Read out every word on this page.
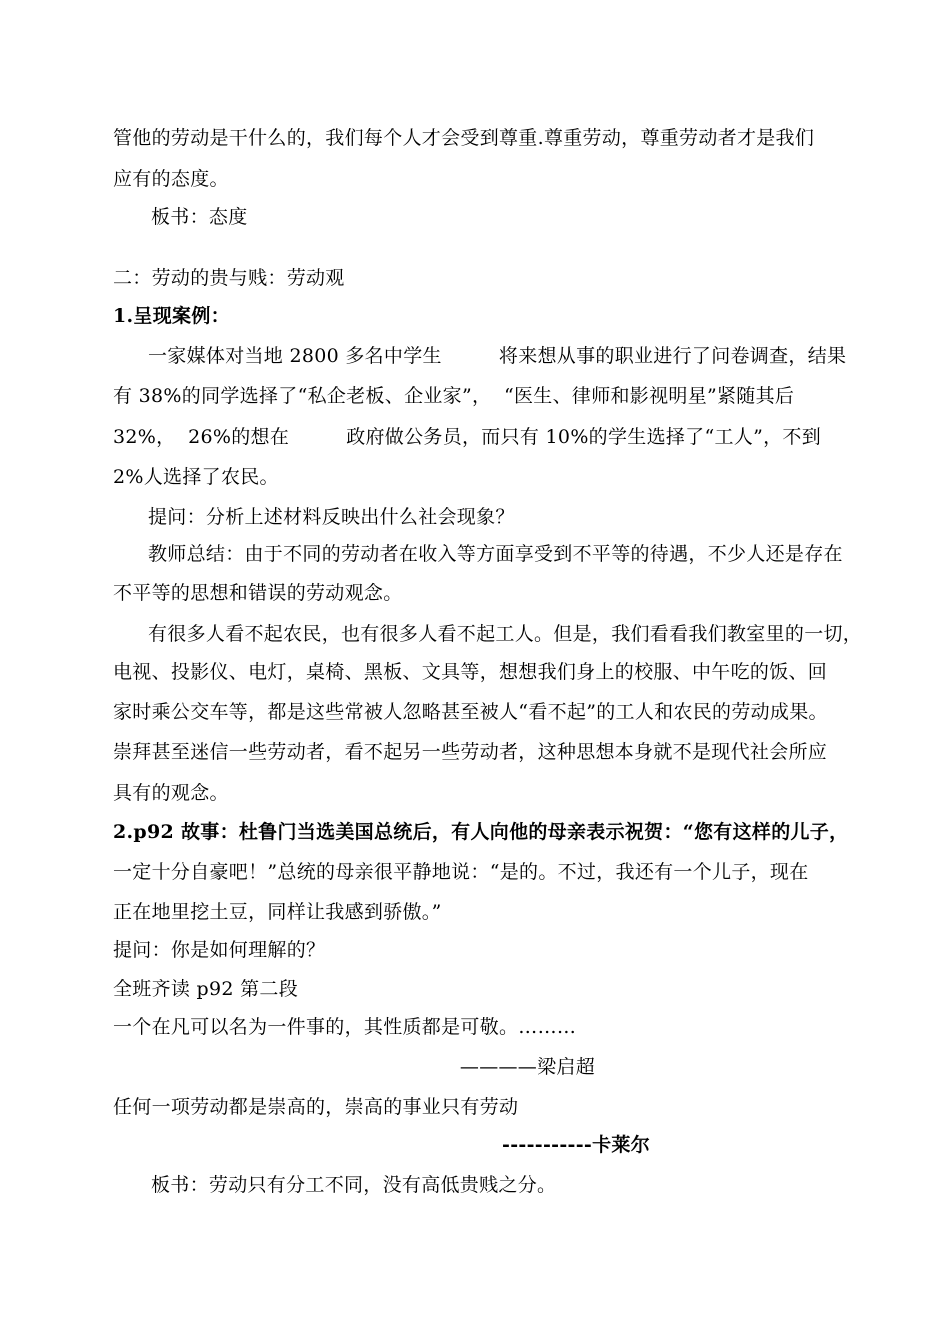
管他的劳动是干什么的，我们每个人才会受到尊重.尊重劳动，尊重劳动者才是我们
应有的态度。
板书：态度
二：劳动的贵与贱：劳动观
1.呈现案例：
一家媒体对当地 2800 多名中学生         将来想从事的职业进行了问卷调查，结果
有 38%的同学选择了“私企老板、企业家”，  “医生、律师和影视明星”紧随其后
32%，  26%的想在         政府做公务员，而只有 10%的学生选择了“工人”，不到
2%人选择了农民。
提问：分析上述材料反映出什么社会现象？
教师总结：由于不同的劳动者在收入等方面享受到不平等的待遇，不少人还是存在
不平等的思想和错误的劳动观念。
有很多人看不起农民，也有很多人看不起工人。但是，我们看看我们教室里的一切，
电视、投影仪、电灯，桌椅、黑板、文具等，想想我们身上的校服、中午吃的饭、回
家时乘公交车等，都是这些常被人忽略甚至被人“看不起”的工人和农民的劳动成果。
崇拜甚至迷信一些劳动者，看不起另一些劳动者，这种思想本身就不是现代社会所应
具有的观念。
2.p92 故事：杜鲁门当选美国总统后，有人向他的母亲表示祝贺：“您有这样的儿子，
一定十分自豪吧！”总统的母亲很平静地说：“是的。不过，我还有一个儿子，现在
正在地里挖土豆，同样让我感到骄傲。”
提问：你是如何理解的？
全班齐读 p92 第二段
一个在凡可以名为一件事的，其性质都是可敬。………
————梁启超
任何一项劳动都是崇高的，崇高的事业只有劳动
-----------卡莱尔
板书：劳动只有分工不同，没有高低贵贱之分。
